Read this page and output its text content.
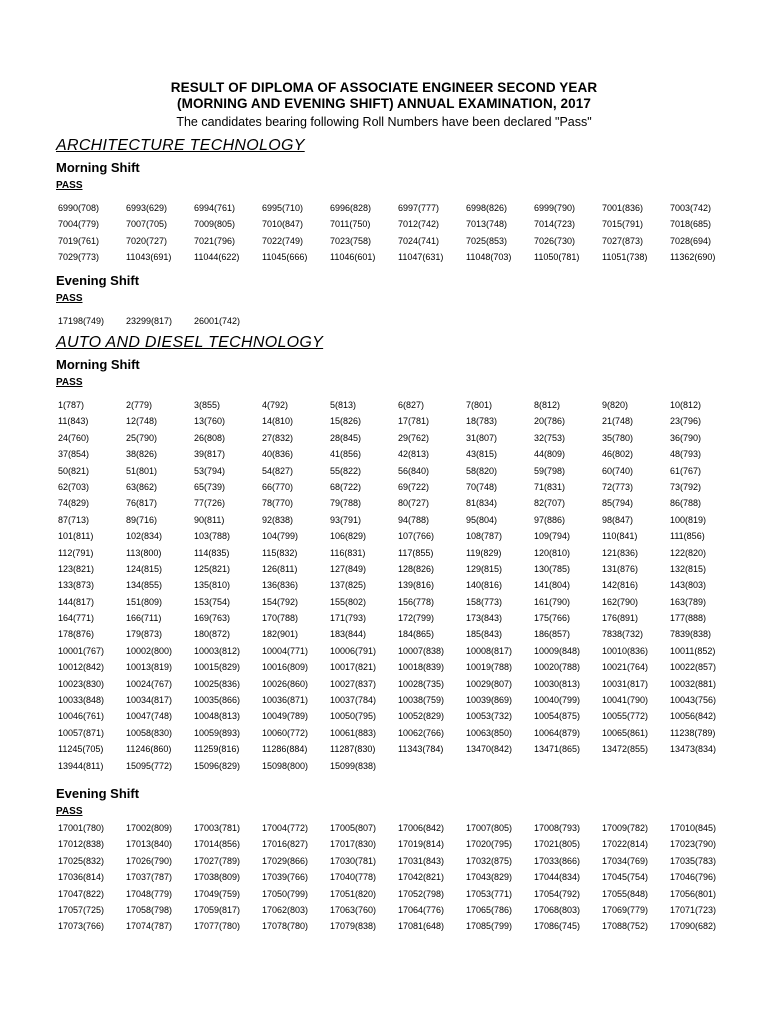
RESULT OF DIPLOMA OF ASSOCIATE ENGINEER SECOND YEAR
(MORNING AND EVENING SHIFT) ANNUAL EXAMINATION, 2017
The candidates bearing following Roll Numbers have been declared "Pass"
ARCHITECTURE TECHNOLOGY
Morning Shift
PASS
6990(708)	6993(629)	6994(761)	6995(710)	6996(828)	6997(777)	6998(826)	6999(790)	7001(836)	7003(742)
7004(779)	7007(705)	7009(805)	7010(847)	7011(750)	7012(742)	7013(748)	7014(723)	7015(791)	7018(685)
7019(761)	7020(727)	7021(796)	7022(749)	7023(758)	7024(741)	7025(853)	7026(730)	7027(873)	7028(694)
7029(773)	11043(691)	11044(622)	11045(666)	11046(601)	11047(631)	11048(703)	11050(781)	11051(738)	11362(690)
Evening Shift
PASS
17198(749)	23299(817)	26001(742)
AUTO AND DIESEL TECHNOLOGY
Morning Shift
PASS
1(787)	2(779)	3(855)	4(792)	5(813)	6(827)	7(801)	8(812)	9(820)	10(812)
11(843)	12(748)	13(760)	14(810)	15(826)	17(781)	18(783)	20(786)	21(748)	23(796)
24(760)	25(790)	26(808)	27(832)	28(845)	29(762)	31(807)	32(753)	35(780)	36(790)
37(854)	38(826)	39(817)	40(836)	41(856)	42(813)	43(815)	44(809)	46(802)	48(793)
50(821)	51(801)	53(794)	54(827)	55(822)	56(840)	58(820)	59(798)	60(740)	61(767)
62(703)	63(862)	65(739)	66(770)	68(722)	69(722)	70(748)	71(831)	72(773)	73(792)
74(829)	76(817)	77(726)	78(770)	79(788)	80(727)	81(834)	82(707)	85(794)	86(788)
87(713)	89(716)	90(811)	92(838)	93(791)	94(788)	95(804)	97(886)	98(847)	100(819)
101(811)	102(834)	103(788)	104(799)	106(829)	107(766)	108(787)	109(794)	110(841)	111(856)
112(791)	113(800)	114(835)	115(832)	116(831)	117(855)	119(829)	120(810)	121(836)	122(820)
123(821)	124(815)	125(821)	126(811)	127(849)	128(826)	129(815)	130(785)	131(876)	132(815)
133(873)	134(855)	135(810)	136(836)	137(825)	139(816)	140(816)	141(804)	142(816)	143(803)
144(817)	151(809)	153(754)	154(792)	155(802)	156(778)	158(773)	161(790)	162(790)	163(789)
164(771)	166(711)	169(763)	170(788)	171(793)	172(799)	173(843)	175(766)	176(891)	177(888)
178(876)	179(873)	180(872)	182(901)	183(844)	184(865)	185(843)	186(857)	7838(732)	7839(838)
10001(767)	10002(800)	10003(812)	10004(771)	10006(791)	10007(838)	10008(817)	10009(848)	10010(836)	10011(852)
10012(842)	10013(819)	10015(829)	10016(809)	10017(821)	10018(839)	10019(788)	10020(788)	10021(764)	10022(857)
10023(830)	10024(767)	10025(836)	10026(860)	10027(837)	10028(735)	10029(807)	10030(813)	10031(817)	10032(881)
10033(848)	10034(817)	10035(866)	10036(871)	10037(784)	10038(759)	10039(869)	10040(799)	10041(790)	10043(756)
10046(761)	10047(748)	10048(813)	10049(789)	10050(795)	10052(829)	10053(732)	10054(875)	10055(772)	10056(842)
10057(871)	10058(830)	10059(893)	10060(772)	10061(883)	10062(766)	10063(850)	10064(879)	10065(861)	11238(789)
11245(705)	11246(860)	11259(816)	11286(884)	11287(830)	11343(784)	13470(842)	13471(865)	13472(855)	13473(834)
13944(811)	15095(772)	15096(829)	15098(800)	15099(838)
Evening Shift
PASS
17001(780)	17002(809)	17003(781)	17004(772)	17005(807)	17006(842)	17007(805)	17008(793)	17009(782)	17010(845)
17012(838)	17013(840)	17014(856)	17016(827)	17017(830)	17019(814)	17020(795)	17021(805)	17022(814)	17023(790)
17025(832)	17026(790)	17027(789)	17029(866)	17030(781)	17031(843)	17032(875)	17033(866)	17034(769)	17035(783)
17036(814)	17037(787)	17038(809)	17039(766)	17040(778)	17042(821)	17043(829)	17044(834)	17045(754)	17046(796)
17047(822)	17048(779)	17049(759)	17050(799)	17051(820)	17052(798)	17053(771)	17054(792)	17055(848)	17056(801)
17057(725)	17058(798)	17059(817)	17062(803)	17063(760)	17064(776)	17065(786)	17068(803)	17069(779)	17071(723)
17073(766)	17074(787)	17077(780)	17078(780)	17079(838)	17081(648)	17085(799)	17086(745)	17088(752)	17090(682)
